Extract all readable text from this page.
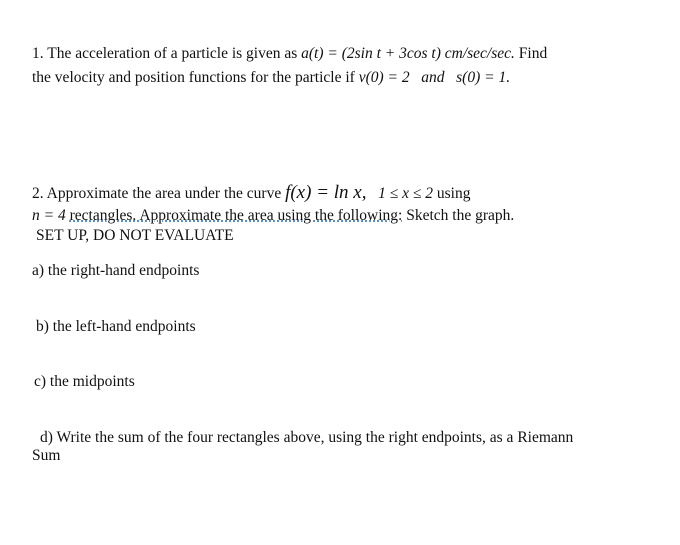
1. The acceleration of a particle is given as a(t) = (2sin t + 3cos t) cm/sec/sec. Find
the velocity and position functions for the particle if v(0) = 2 and s(0) = 1.
2. Approximate the area under the curve f(x) = ln x, 1 ≤ x ≤ 2 using
n = 4 rectangles. Approximate the area using the following: Sketch the graph.
SET UP, DO NOT EVALUATE
a) the right-hand endpoints
b) the left-hand endpoints
c) the midpoints
d) Write the sum of the four rectangles above, using the right endpoints, as a Riemann
Sum
